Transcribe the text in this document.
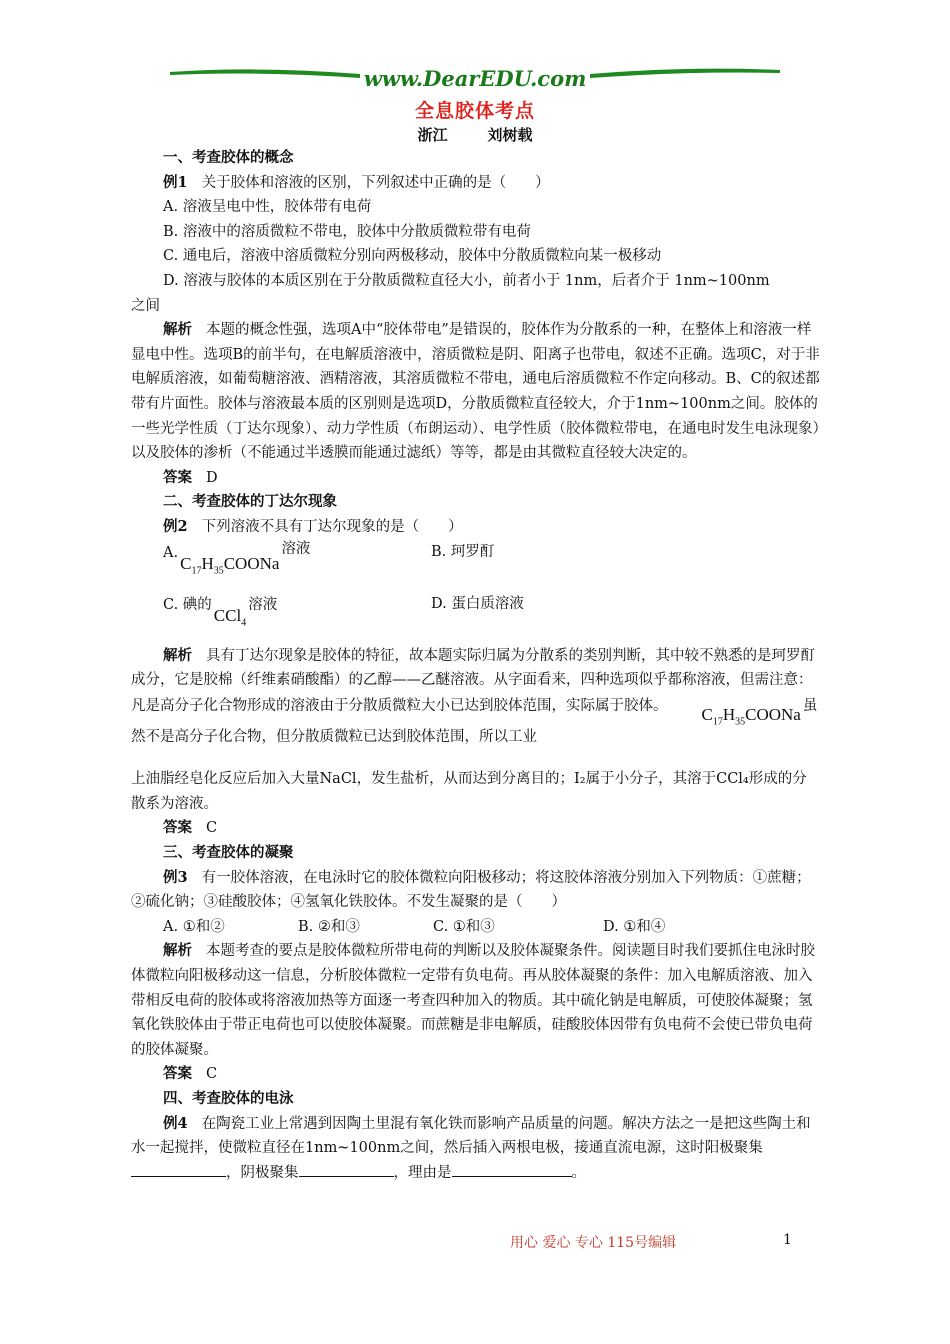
www.DearEDU.com
全息胶体考点
浙江	刘树载

一、考查胶体的概念

例1 关于胶体和溶液的区别，下列叙述中正确的是（　　）

A. 溶液呈电中性，胶体带有电荷

B. 溶液中的溶质微粒不带电，胶体中分散质微粒带有电荷

C. 通电后，溶液中溶质微粒分别向两极移动，胶体中分散质微粒向某一极移动

D. 溶液与胶体的本质区别在于分散质微粒直径大小，前者小于 1nm，后者介于 1nm~100nm

之间

解析 本题的概念性强，选项A中“胶体带电”是错误的，胶体作为分散系的一种，在整体上和溶液一样显电中性。选项B的前半句，在电解质溶液中，溶质微粒是阴、阳离子也带电，叙述不正确。选项C，对于非电解质溶液，如葡萄糖溶液、酒精溶液，其溶质微粒不带电，通电后溶质微粒不作定向移动。B、C的叙述都带有片面性。胶体与溶液最本质的区别则是选项D，分散质微粒直径较大，介于1nm~100nm之间。胶体的一些光学性质（丁达尔现象）、动力学性质（布朗运动）、电学性质（胶体微粒带电，在通电时发生电泳现象）以及胶体的渗析（不能通过半透膜而能通过滤纸）等等，都是由其微粒直径较大决定的。

答案 D

二、考查胶体的丁达尔现象

例2 下列溶液不具有丁达尔现象的是（　　）

$A.C_{17}H_{35}COONa$溶液	B. 珂罗酊
C. 碘的CCl$_4$溶液	D. 蛋白质溶液

解析 具有丁达尔现象是胶体的特征，故本题实际归属为分散系的类别判断，其中较不熟悉的是珂罗酊成分，它是胶棉（纤维素硝酸酯）的乙醇——乙醚溶液。从字面看来，四种选项似乎都称溶液，但需注意：凡是高分子化合物形成的溶液由于分散质微粒大小已达到胶体范围，实际属于胶体。 $C_{17}H_{35}COONa$ 虽然不是高分子化合物，但分散质微粒已达到胶体范围，所以工业

上油脂经皂化反应后加入大量NaCl，发生盐析，从而达到分离目的；I₂属于小分子，其溶于CCl₄形成的分散系为溶液。

答案 C

三、考查胶体的凝聚

例3 有一胶体溶液，在电泳时它的胶体微粒向阳极移动；将这胶体溶液分别加入下列物质：①蔗糖；②硫化钠；③硅酸胶体；④氢氧化铁胶体。不发生凝聚的是（　　）

A. ①和②	B. ②和③	C. ①和③	D. ①和④

解析 本题考查的要点是胶体微粒所带电荷的判断以及胶体凝聚条件。阅读题目时我们要抓住电泳时胶体微粒向阳极移动这一信息，分析胶体微粒一定带有负电荷。再从胶体凝聚的条件：加入电解质溶液、加入带相反电荷的胶体或将溶液加热等方面逐一考查四种加入的物质。其中硫化钠是电解质，可使胶体凝聚；氢氧化铁胶体由于带正电荷也可以使胶体凝聚。而蔗糖是非电解质，硅酸胶体因带有负电荷不会使已带负电荷的胶体凝聚。

答案 C

四、考查胶体的电泳

例4 在陶瓷工业上常遇到因陶土里混有氧化铁而影响产品质量的问题。解决方法之一是把这些陶土和水一起搅拌，使微粒直径在1nm~100nm之间，然后插入两根电极，接通直流电源，这时阳极聚集，阴极聚集	，理由是	。

用心 爱心 专心 115号编辑	1
